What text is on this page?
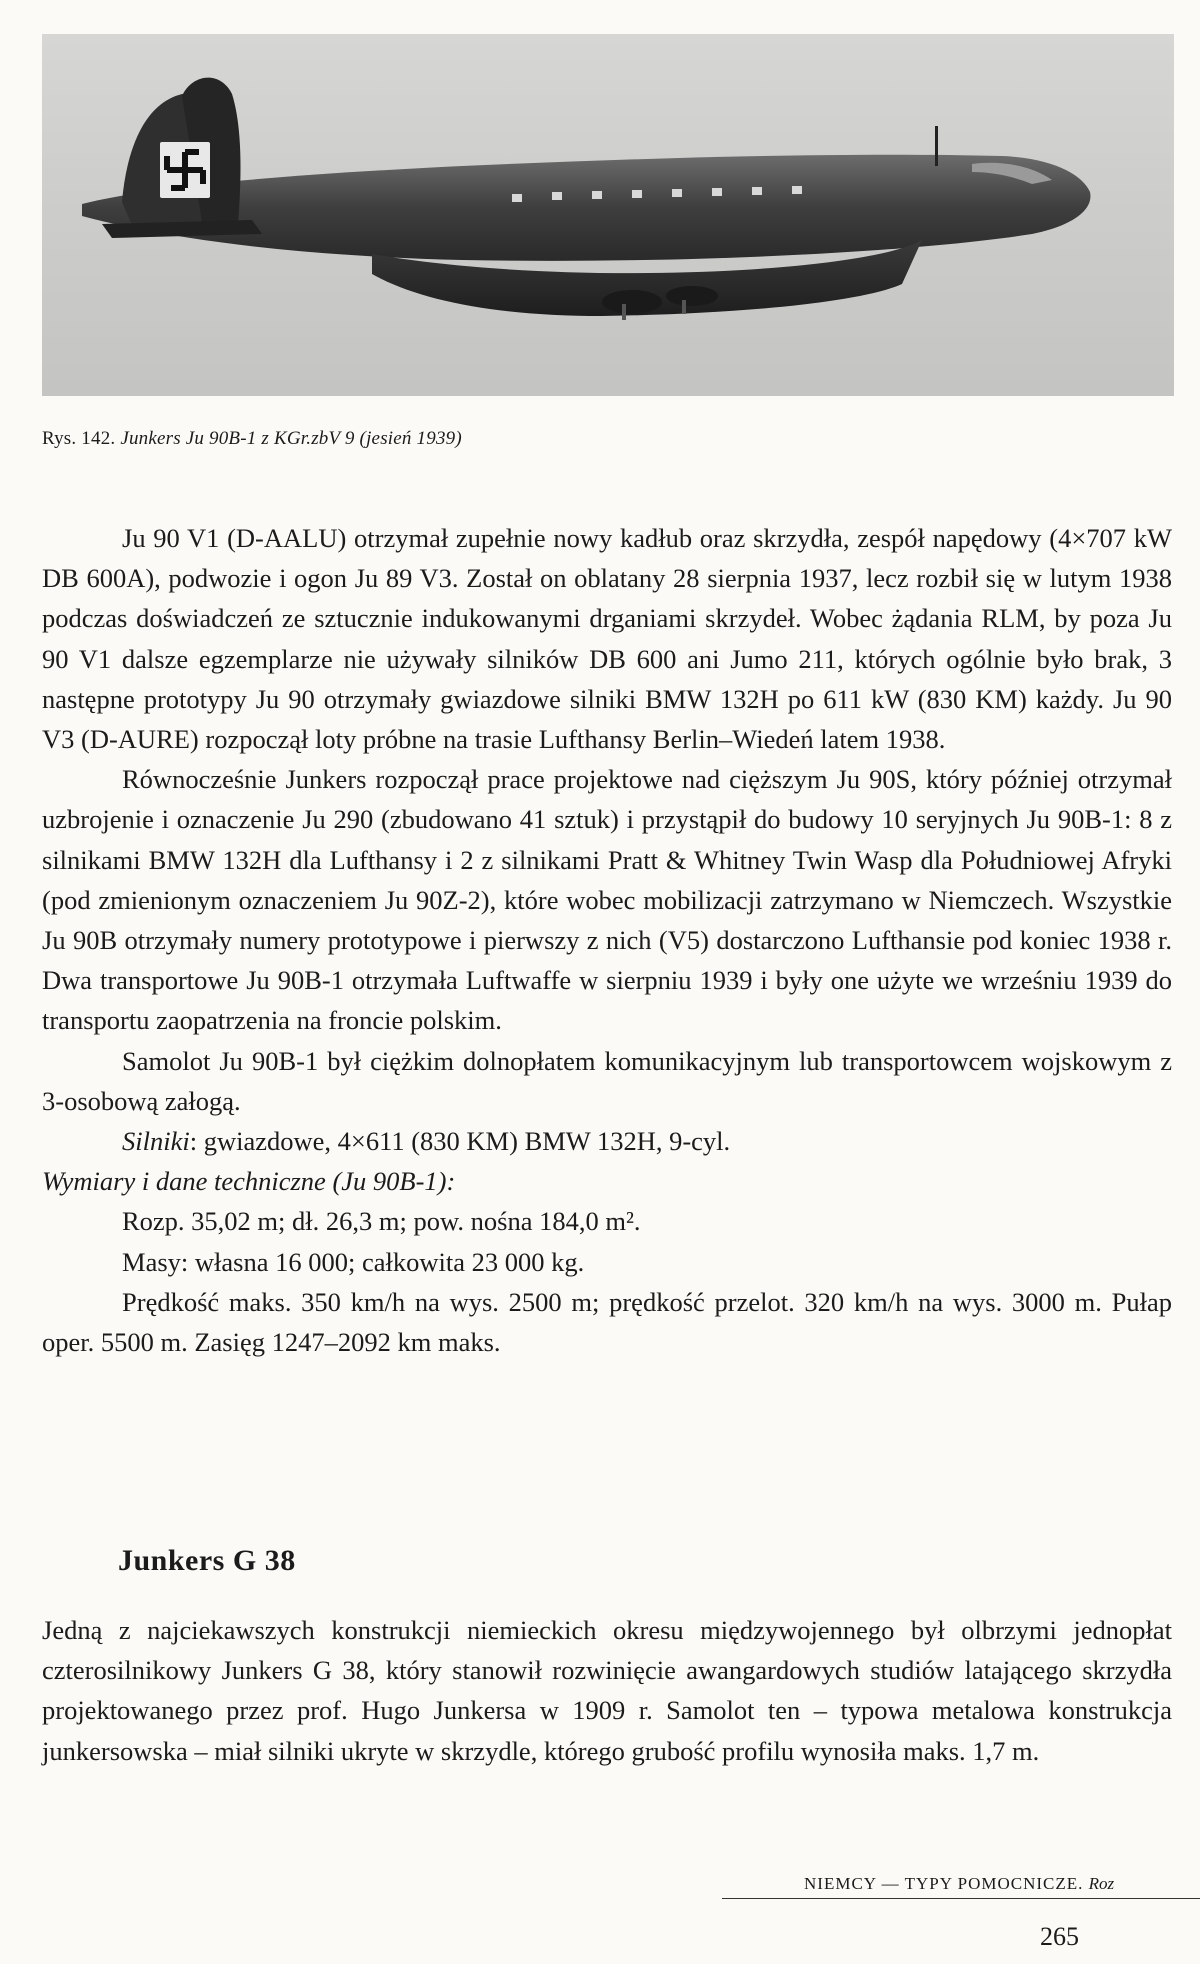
Rys. 142. Junkers Ju 90B-1 z KGr.zbV 9 (jesień 1939)

Ju 90 V1 (D-AALU) otrzymał zupełnie nowy kadłub oraz skrzydła, zespół napędowy (4×707 kW DB 600A), podwozie i ogon Ju 89 V3. Został on oblatany 28 sierpnia 1937, lecz rozbił się w lutym 1938 podczas doświadczeń ze sztucznie indukowanymi drganiami skrzydeł. Wobec żądania RLM, by poza Ju 90 V1 dalsze egzemplarze nie używały silników DB 600 ani Jumo 211, których ogólnie było brak, 3 następne prototypy Ju 90 otrzymały gwiazdowe silniki BMW 132H po 611 kW (830 KM) każdy. Ju 90 V3 (D-AURE) rozpoczął loty próbne na trasie Lufthansy Berlin–Wiedeń latem 1938.

Równocześnie Junkers rozpoczął prace projektowe nad cięższym Ju 90S, który później otrzymał uzbrojenie i oznaczenie Ju 290 (zbudowano 41 sztuk) i przystąpił do budowy 10 seryjnych Ju 90B-1: 8 z silnikami BMW 132H dla Lufthansy i 2 z silnikami Pratt & Whitney Twin Wasp dla Południowej Afryki (pod zmienionym oznaczeniem Ju 90Z-2), które wobec mobilizacji zatrzymano w Niemczech. Wszystkie Ju 90B otrzymały numery prototypowe i pierwszy z nich (V5) dostarczono Lufthansie pod koniec 1938 r. Dwa transportowe Ju 90B-1 otrzymała Luftwaffe w sierpniu 1939 i były one użyte we wrześniu 1939 do transportu zaopatrzenia na froncie polskim.

Samolot Ju 90B-1 był ciężkim dolnopłatem komunikacyjnym lub transportowcem wojskowym z 3-osobową załogą.

Silniki: gwiazdowe, 4×611 (830 KM) BMW 132H, 9-cyl.

Wymiary i dane techniczne (Ju 90B-1):

Rozp. 35,02 m; dł. 26,3 m; pow. nośna 184,0 m².

Masy: własna 16 000; całkowita 23 000 kg.

Prędkość maks. 350 km/h na wys. 2500 m; prędkość przelot. 320 km/h na wys. 3000 m. Pułap oper. 5500 m. Zasięg 1247–2092 km maks.

Junkers G 38

Jedną z najciekawszych konstrukcji niemieckich okresu międzywojennego był olbrzymi jednopłat czterosilnikowy Junkers G 38, który stanowił rozwinięcie awangardowych studiów latającego skrzydła projektowanego przez prof. Hugo Junkersa w 1909 r. Samolot ten – typowa metalowa konstrukcja junkersowska – miał silniki ukryte w skrzydle, którego grubość profilu wynosiła maks. 1,7 m.

NIEMCY — TYPY POMOCNICZE. Roz
265
